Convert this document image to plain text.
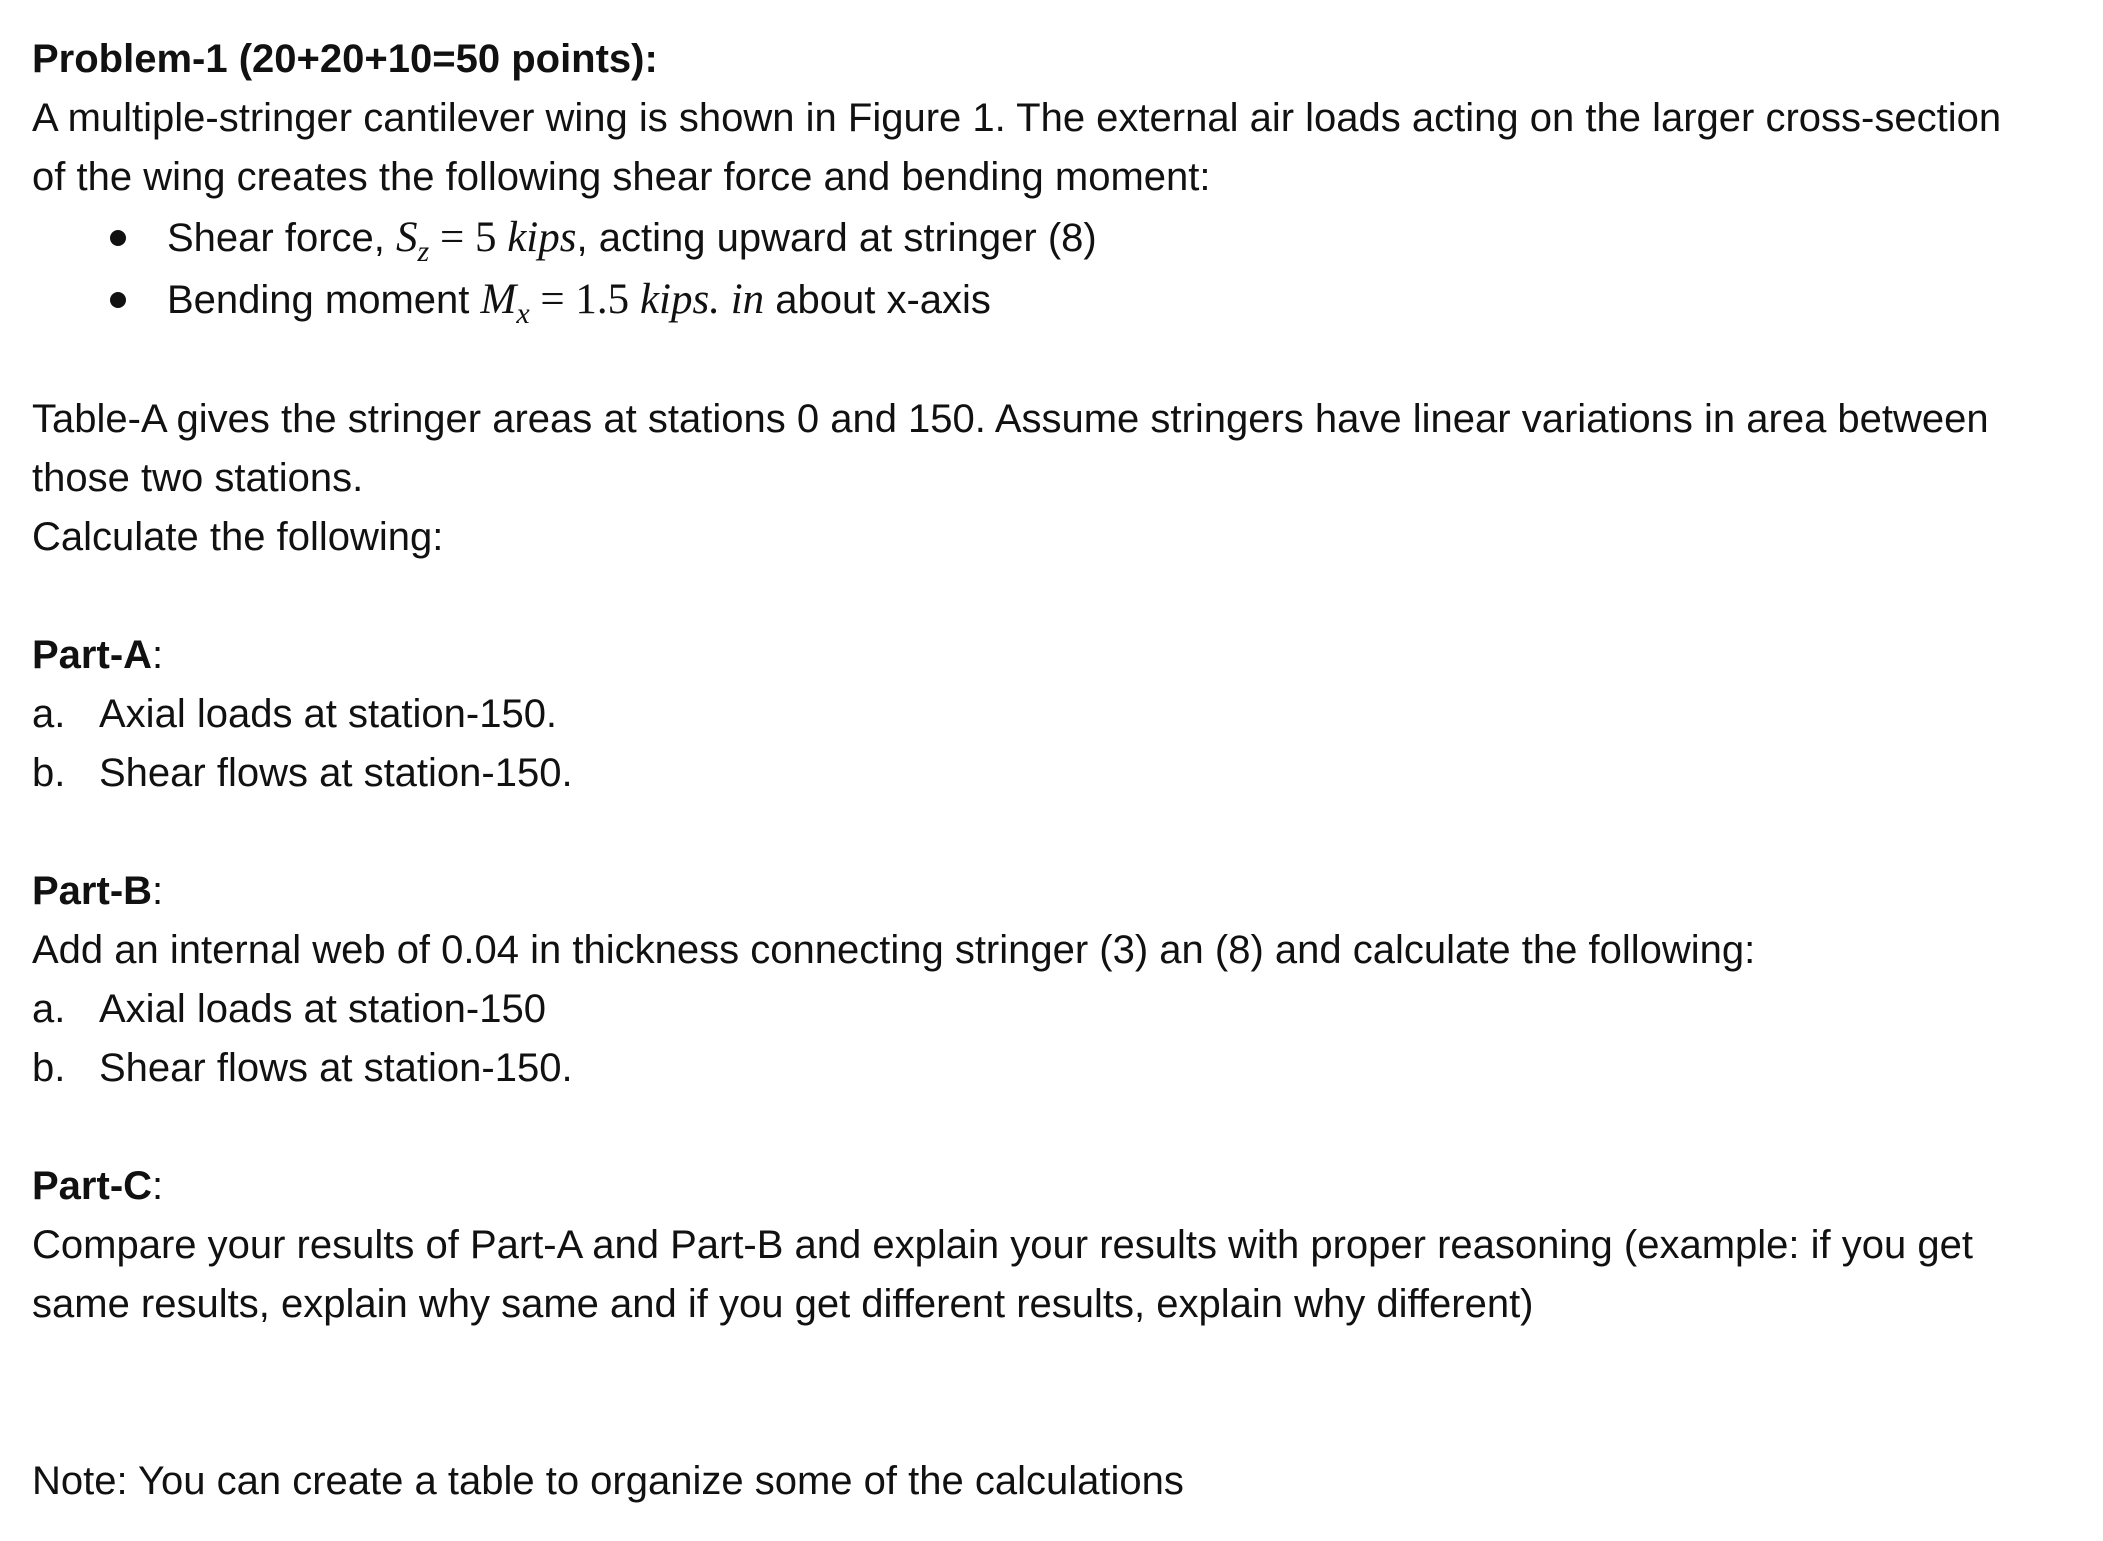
Problem-1 (20+20+10=50 points):
A multiple-stringer cantilever wing is shown in Figure 1. The external air loads acting on the larger cross-section
of the wing creates the following shear force and bending moment:
Shear force, $S_z = 5$ kips, acting upward at stringer (8)
Bending moment $M_x = 1.5$ kips. in about x-axis
Table-A gives the stringer areas at stations 0 and 150. Assume stringers have linear variations in area between
those two stations.
Calculate the following:
Part-A:
a. Axial loads at station-150.
b. Shear flows at station-150.
Part-B:
Add an internal web of 0.04 in thickness connecting stringer (3) an (8) and calculate the following:
a. Axial loads at station-150
b. Shear flows at station-150.
Part-C:
Compare your results of Part-A and Part-B and explain your results with proper reasoning (example: if you get
same results, explain why same and if you get different results, explain why different)
Note: You can create a table to organize some of the calculations
